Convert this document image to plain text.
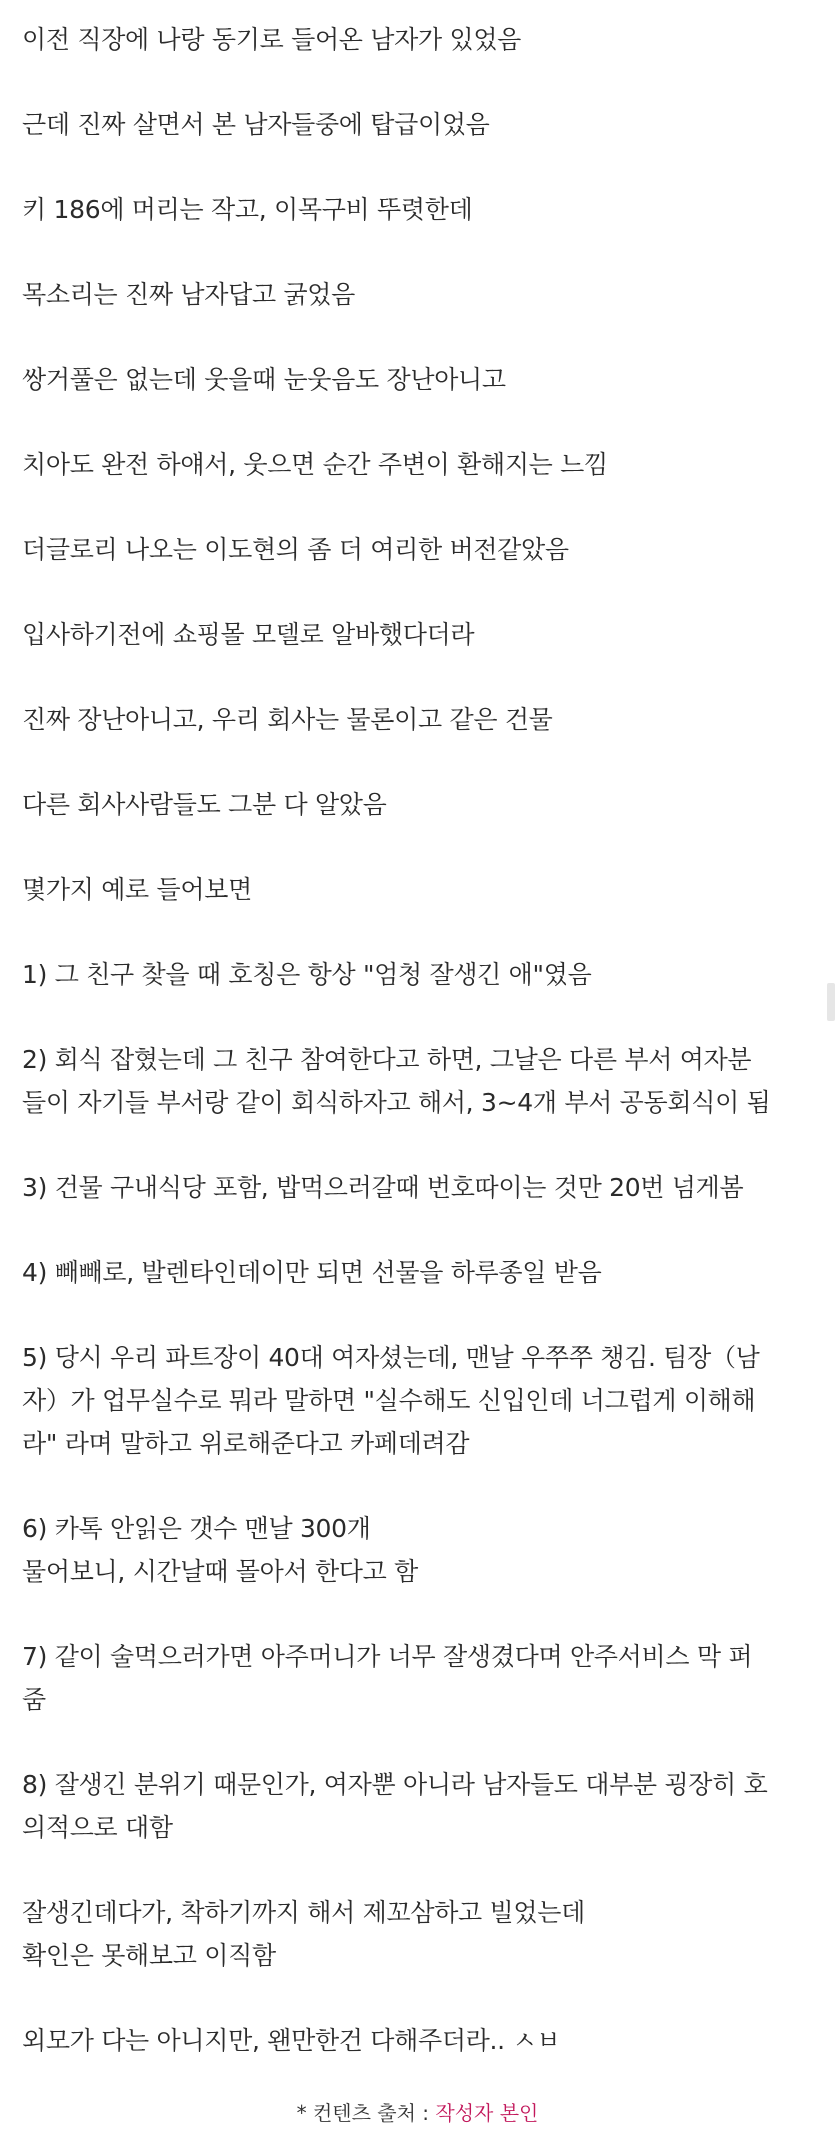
이전 직장에 나랑 동기로 들어온 남자가 있었음

근데 진짜 살면서 본 남자들중에 탑급이었음

키 186에 머리는 작고, 이목구비 뚜렷한데

목소리는 진짜 남자답고 굵었음

쌍거풀은 없는데 웃을때 눈웃음도 장난아니고

치아도 완전 하얘서, 웃으면 순간 주변이 환해지는 느낌

더글로리 나오는 이도현의 좀 더 여리한 버전같았음

입사하기전에 쇼핑몰 모델로 알바했다더라

진짜 장난아니고, 우리 회사는 물론이고 같은 건물

다른 회사사람들도 그분 다 알았음

몇가지 예로 들어보면

1) 그 친구 찾을 때 호칭은 항상 "엄청 잘생긴 애"였음

2) 회식 잡혔는데 그 친구 참여한다고 하면, 그날은 다른 부서 여자분

들이 자기들 부서랑 같이 회식하자고 해서, 3~4개 부서 공동회식이 됨

3) 건물 구내식당 포함, 밥먹으러갈때 번호따이는 것만 20번 넘게봄

4) 빼빼로, 발렌타인데이만 되면 선물을 하루종일 받음

5) 당시 우리 파트장이 40대 여자셨는데, 맨날 우쭈쭈 챙김. 팀장（남

자）가 업무실수로 뭐라 말하면 "실수해도 신입인데 너그럽게 이해해

라" 라며 말하고 위로해준다고 카페데려감

6) 카톡 안읽은 갯수 맨날 300개

물어보니, 시간날때 몰아서 한다고 함

7) 같이 술먹으러가면 아주머니가 너무 잘생겼다며 안주서비스 막 퍼

줌

8) 잘생긴 분위기 때문인가, 여자뿐 아니라 남자들도 대부분 굉장히 호

의적으로 대함

잘생긴데다가, 착하기까지 해서 제꼬삼하고 빌었는데

확인은 못해보고 이직함

외모가 다는 아니지만, 왠만한건 다해주더라.. ㅅㅂ

* 컨텐츠 출처 : 작성자 본인
